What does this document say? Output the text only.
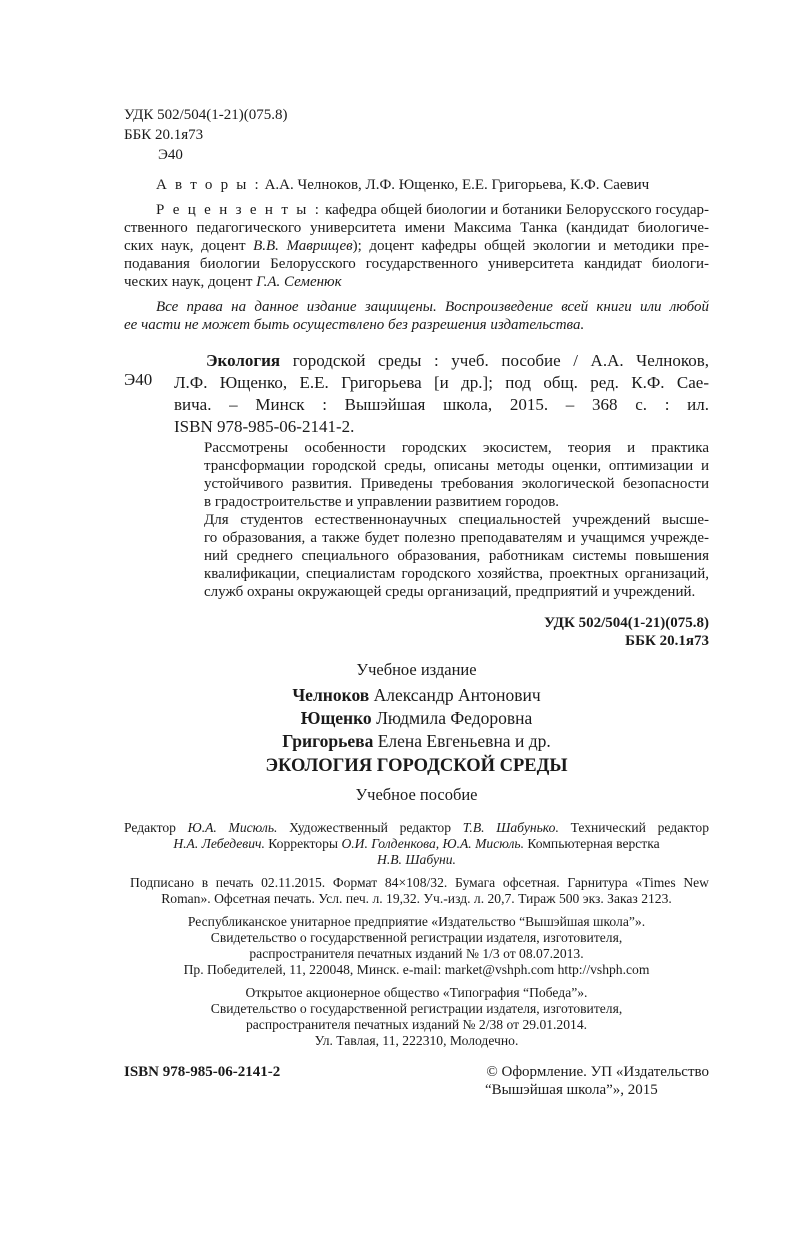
УДК 502/504(1-21)(075.8)
ББК 20.1я73
Э40
А в т о р ы : А.А. Челноков, Л.Ф. Ющенко, Е.Е. Григорьева, К.Ф. Саевич
Р е ц е н з е н т ы : кафедра общей биологии и ботаники Белорусского государ-
ственного педагогического университета имени Максима Танка (кандидат биологиче-
ских наук, доцент В.В. Маврищев); доцент кафедры общей экологии и методики пре-
подавания биологии Белорусского государственного университета кандидат биологи-
ческих наук, доцент Г.А. Семенюк
Все права на данное издание защищены. Воспроизведение всей книги или любой
ее части не может быть осуществлено без разрешения издательства.
Э40
Экология городской среды : учеб. пособие / А.А. Челноков,
Л.Ф. Ющенко, Е.Е. Григорьева [и др.]; под общ. ред. К.Ф. Сае-
вича. – Минск : Вышэйшая школа, 2015. – 368 с. : ил.
ISBN 978-985-06-2141-2.
Рассмотрены особенности городских экосистем, теория и практика
трансформации городской среды, описаны методы оценки, оптимизации и
устойчивого развития. Приведены требования экологической безопасности
в градостроительстве и управлении развитием городов.
Для студентов естественнонаучных специальностей учреждений высше-
го образования, а также будет полезно преподавателям и учащимся учрежде-
ний среднего специального образования, работникам системы повышения
квалификации, специалистам городского хозяйства, проектных организаций,
служб охраны окружающей среды организаций, предприятий и учреждений.
УДК 502/504(1-21)(075.8)
ББК 20.1я73
Учебное издание
Челноков Александр Антонович
Ющенко Людмила Федоровна
Григорьева Елена Евгеньевна и др.
ЭКОЛОГИЯ ГОРОДСКОЙ СРЕДЫ
Учебное пособие
Редактор Ю.А. Мисюль. Художественный редактор Т.В. Шабунько. Технический редактор
Н.А. Лебедевич. Корректоры О.И. Голденкова, Ю.А. Мисюль. Компьютерная верстка
Н.В. Шабуни.
Подписано в печать 02.11.2015. Формат 84×108/32. Бумага офсетная. Гарнитура «Times New
Roman». Офсетная печать. Усл. печ. л. 19,32. Уч.-изд. л. 20,7. Тираж 500 экз. Заказ 2123.
Республиканское унитарное предприятие «Издательство “Вышэйшая школа”».
Свидетельство о государственной регистрации издателя, изготовителя,
распространителя печатных изданий № 1/3 от 08.07.2013.
Пр. Победителей, 11, 220048, Минск. e-mail: market@vshph.com http://vshph.com
Открытое акционерное общество «Типография “Победа”».
Свидетельство о государственной регистрации издателя, изготовителя,
распространителя печатных изданий № 2/38 от 29.01.2014.
Ул. Тавлая, 11, 222310, Молодечно.
ISBN 978-985-06-2141-2	© Оформление. УП «Издательство
“Вышэйшая школа”», 2015
